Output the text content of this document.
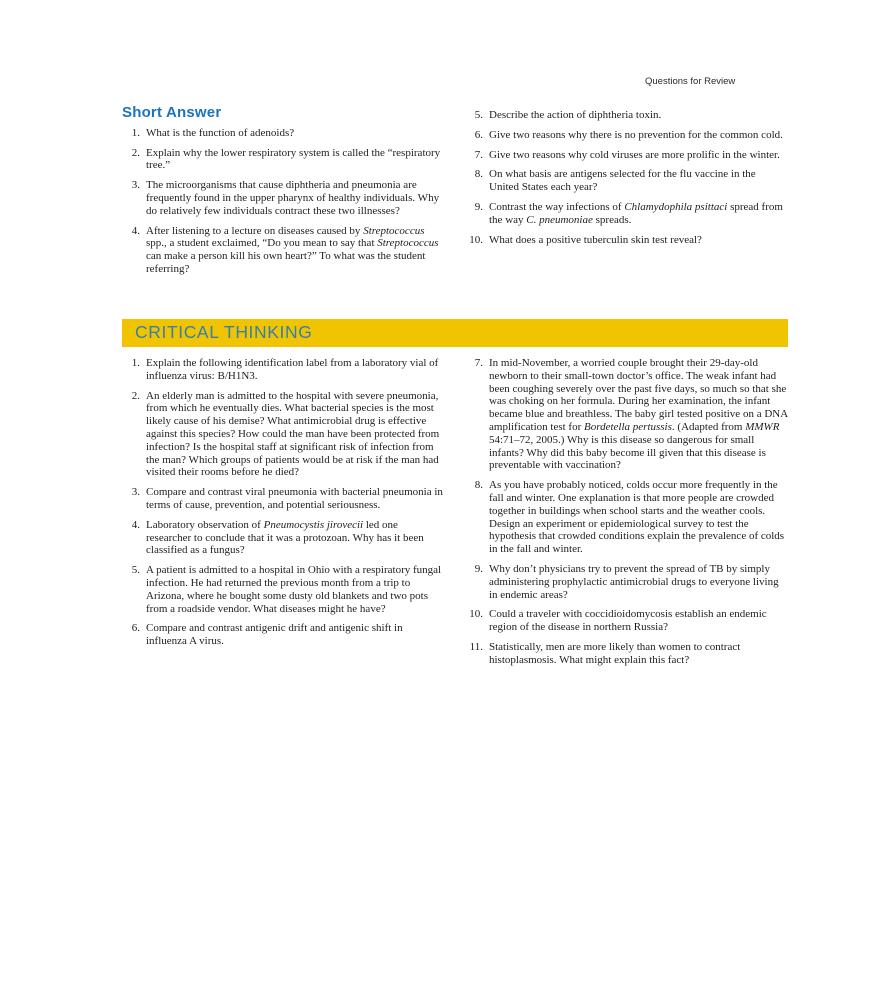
Questions for Review
Short Answer
1. What is the function of adenoids?
2. Explain why the lower respiratory system is called the “respiratory tree.”
3. The microorganisms that cause diphtheria and pneumonia are frequently found in the upper pharynx of healthy individuals. Why do relatively few individuals contract these two illnesses?
4. After listening to a lecture on diseases caused by Streptococcus spp., a student exclaimed, “Do you mean to say that Streptococcus can make a person kill his own heart?” To what was the student referring?
5. Describe the action of diphtheria toxin.
6. Give two reasons why there is no prevention for the common cold.
7. Give two reasons why cold viruses are more prolific in the winter.
8. On what basis are antigens selected for the flu vaccine in the United States each year?
9. Contrast the way infections of Chlamydophila psittaci spread from the way C. pneumoniae spreads.
10. What does a positive tuberculin skin test reveal?
CRITICAL THINKING
1. Explain the following identification label from a laboratory vial of influenza virus: B/H1N3.
2. An elderly man is admitted to the hospital with severe pneumonia, from which he eventually dies. What bacterial species is the most likely cause of his demise? What antimicrobial drug is effective against this species? How could the man have been protected from infection? Is the hospital staff at significant risk of infection from the man? Which groups of patients would be at risk if the man had visited their rooms before he died?
3. Compare and contrast viral pneumonia with bacterial pneumonia in terms of cause, prevention, and potential seriousness.
4. Laboratory observation of Pneumocystis jirovecii led one researcher to conclude that it was a protozoan. Why has it been classified as a fungus?
5. A patient is admitted to a hospital in Ohio with a respiratory fungal infection. He had returned the previous month from a trip to Arizona, where he bought some dusty old blankets and two pots from a roadside vendor. What diseases might he have?
6. Compare and contrast antigenic drift and antigenic shift in influenza A virus.
7. In mid-November, a worried couple brought their 29-day-old newborn to their small-town doctor’s office. The weak infant had been coughing severely over the past five days, so much so that she was choking on her formula. During her examination, the infant became blue and breathless. The baby girl tested positive on a DNA amplification test for Bordetella pertussis. (Adapted from MMWR 54:71–72, 2005.) Why is this disease so dangerous for small infants? Why did this baby become ill given that this disease is preventable with vaccination?
8. As you have probably noticed, colds occur more frequently in the fall and winter. One explanation is that more people are crowded together in buildings when school starts and the weather cools. Design an experiment or epidemiological survey to test the hypothesis that crowded conditions explain the prevalence of colds in the fall and winter.
9. Why don’t physicians try to prevent the spread of TB by simply administering prophylactic antimicrobial drugs to everyone living in endemic areas?
10. Could a traveler with coccidioidomycosis establish an endemic region of the disease in northern Russia?
11. Statistically, men are more likely than women to contract histoplasmosis. What might explain this fact?
